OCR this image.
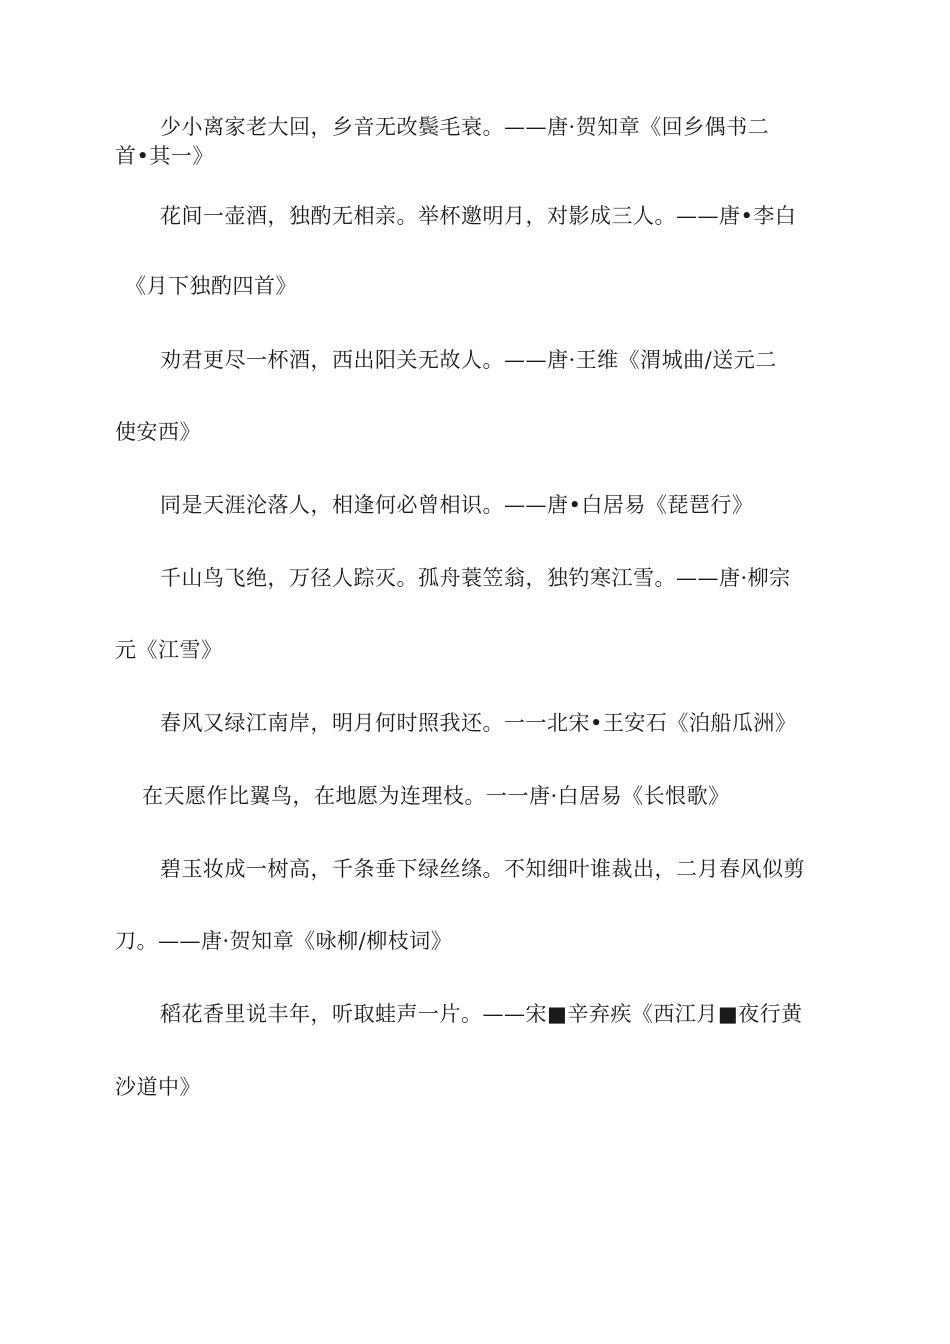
少小离家老大回，乡音无改鬓毛衰。——唐·贺知章《回乡偶书二
首•其一》
花间一壶酒，独酌无相亲。举杯邀明月，对影成三人。——唐•李白
《月下独酌四首》
劝君更尽一杯酒，西出阳关无故人。——唐·王维《渭城曲/送元二
使安西》
同是天涯沦落人，相逢何必曾相识。——唐•白居易《琵琶行》
千山鸟飞绝，万径人踪灭。孤舟蓑笠翁，独钓寒江雪。——唐·柳宗
元《江雪》
春风又绿江南岸，明月何时照我还。一一北宋•王安石《泊船瓜洲》
在天愿作比翼鸟，在地愿为连理枝。一一唐·白居易《长恨歌》
碧玉妆成一树高，千条垂下绿丝绦。不知细叶谁裁出，二月春风似剪
刀。——唐·贺知章《咏柳/柳枝词》
稻花香里说丰年，听取蛙声一片。——宋■辛弃疾《西江月■夜行黄
沙道中》
